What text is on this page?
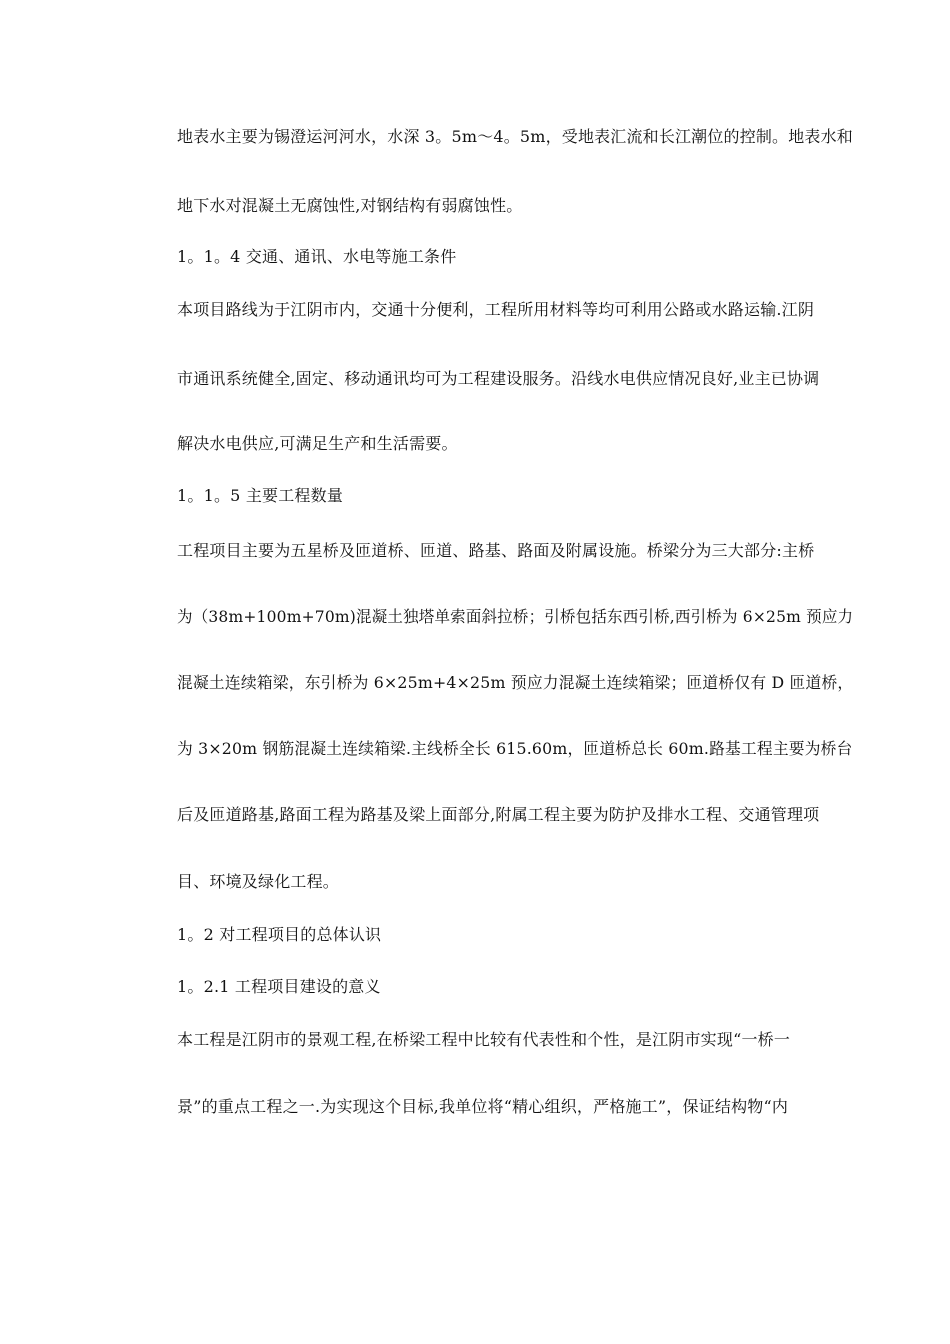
地表水主要为锡澄运河河水，水深 3。5m～4。5m，受地表汇流和长江潮位的控制。地表水和
地下水对混凝土无腐蚀性,对钢结构有弱腐蚀性。
1。1。4 交通、通讯、水电等施工条件
本项目路线为于江阴市内，交通十分便利，工程所用材料等均可利用公路或水路运输.江阴
市通讯系统健全,固定、移动通讯均可为工程建设服务。沿线水电供应情况良好,业主已协调
解决水电供应,可满足生产和生活需要。
1。1。5 主要工程数量
工程项目主要为五星桥及匝道桥、匝道、路基、路面及附属设施。桥梁分为三大部分:主桥
为（38m+100m+70m)混凝土独塔单索面斜拉桥；引桥包括东西引桥,西引桥为 6×25m 预应力
混凝土连续箱梁，东引桥为 6×25m+4×25m 预应力混凝土连续箱梁；匝道桥仅有 D 匝道桥，
为 3×20m 钢筋混凝土连续箱梁.主线桥全长 615.60m，匝道桥总长 60m.路基工程主要为桥台
后及匝道路基,路面工程为路基及梁上面部分,附属工程主要为防护及排水工程、交通管理项
目、环境及绿化工程。
1。2 对工程项目的总体认识
1。2.1 工程项目建设的意义
本工程是江阴市的景观工程,在桥梁工程中比较有代表性和个性，是江阴市实现“一桥一
景”的重点工程之一.为实现这个目标,我单位将“精心组织，严格施工”，保证结构物“内
